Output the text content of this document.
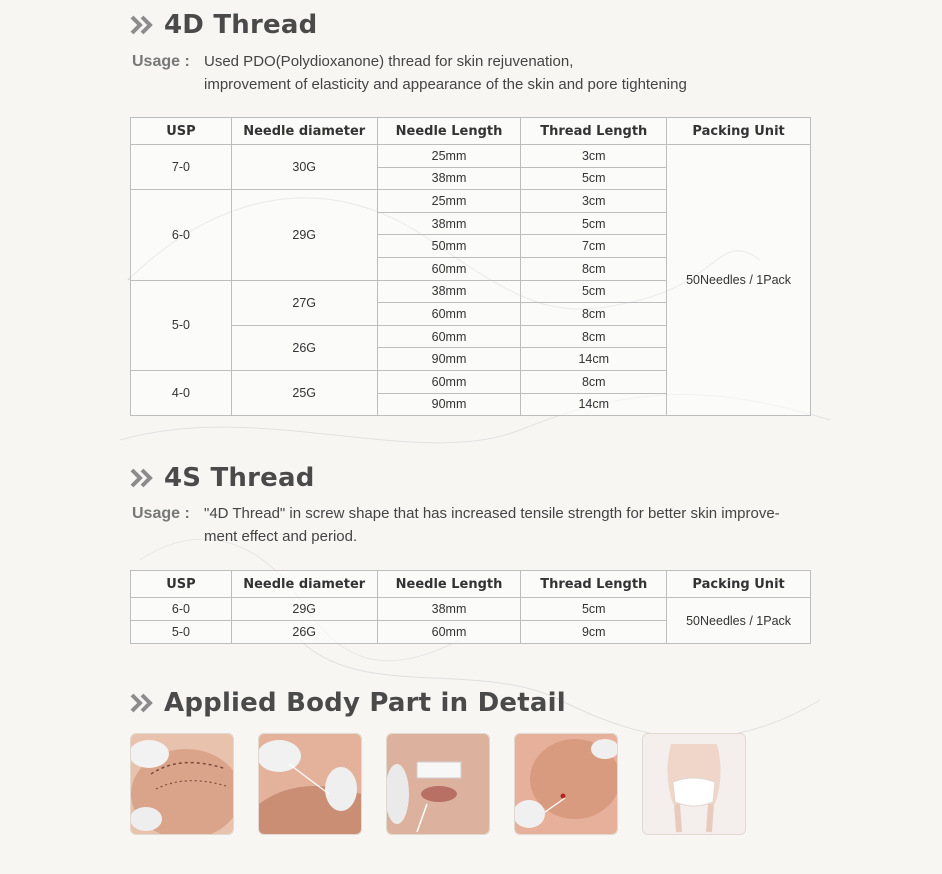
4D Thread
Usage : Used PDO(Polydioxanone) thread for skin rejuvenation,
improvement of elasticity and appearance of the skin and pore tightening
USP	Needle diameter	Needle Length	Thread Length	Packing Unit
7-0	30G	25mm	3cm	50Needles / 1Pack
		38mm	5cm	
6-0	29G	25mm	3cm	
		38mm	5cm	
		50mm	7cm	
		60mm	8cm	
5-0	27G	38mm	5cm	
		60mm	8cm	
	26G	60mm	8cm	
		90mm	14cm	
4-0	25G	60mm	8cm	
		90mm	14cm	
4S Thread
Usage : "4D Thread" in screw shape that has increased tensile strength for better skin improve-
ment effect and period.
USP	Needle diameter	Needle Length	Thread Length	Packing Unit
6-0	29G	38mm	5cm	50Needles / 1Pack
5-0	26G	60mm	9cm	
Applied Body Part in Detail
